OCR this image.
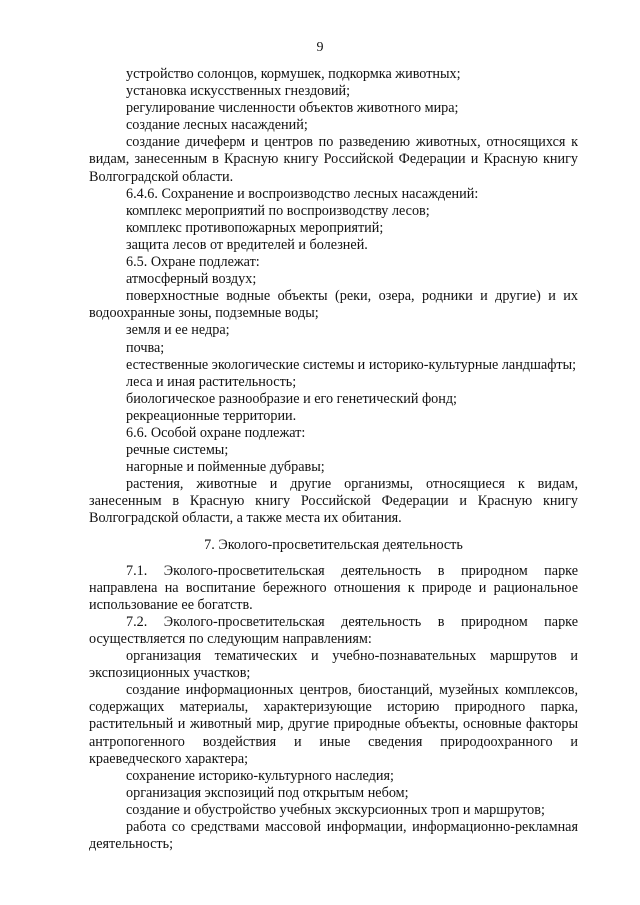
9

устройство солонцов, кормушек, подкормка животных;

установка искусственных гнездовий;

регулирование численности объектов животного мира;

создание лесных насаждений;

создание дичеферм и центров по разведению животных, относящихся к видам, занесенным в Красную книгу Российской Федерации и Красную книгу Волгоградской области.

6.4.6. Сохранение и воспроизводство лесных насаждений:

комплекс мероприятий по воспроизводству лесов;

комплекс противопожарных мероприятий;

защита лесов от вредителей и болезней.

6.5. Охране подлежат:

атмосферный воздух;

поверхностные водные объекты (реки, озера, родники и другие) и их водоохранные зоны, подземные воды;

земля и ее недра;

почва;

естественные экологические системы и историко-культурные ландшафты;

леса и иная растительность;

биологическое разнообразие и его генетический фонд;

рекреационные территории.

6.6. Особой охране подлежат:

речные системы;

нагорные и пойменные дубравы;

растения, животные и другие организмы, относящиеся к видам, занесенным в Красную книгу Российской Федерации и Красную книгу Волгоградской области, а также места их обитания.

7. Эколого-просветительская деятельность

7.1. Эколого-просветительская деятельность в природном парке направлена на воспитание бережного отношения к природе и рациональное использование ее богатств.

7.2. Эколого-просветительская деятельность в природном парке осуществляется по следующим направлениям:

организация тематических и учебно-познавательных маршрутов и экспозиционных участков;

создание информационных центров, биостанций, музейных комплексов, содержащих материалы, характеризующие историю природного парка, растительный и животный мир, другие природные объекты, основные факторы антропогенного воздействия и иные сведения природоохранного и краеведческого характера;

сохранение историко-культурного наследия;

организация экспозиций под открытым небом;

создание и обустройство учебных экскурсионных троп и маршрутов;

работа со средствами массовой информации, информационно-рекламная деятельность;
